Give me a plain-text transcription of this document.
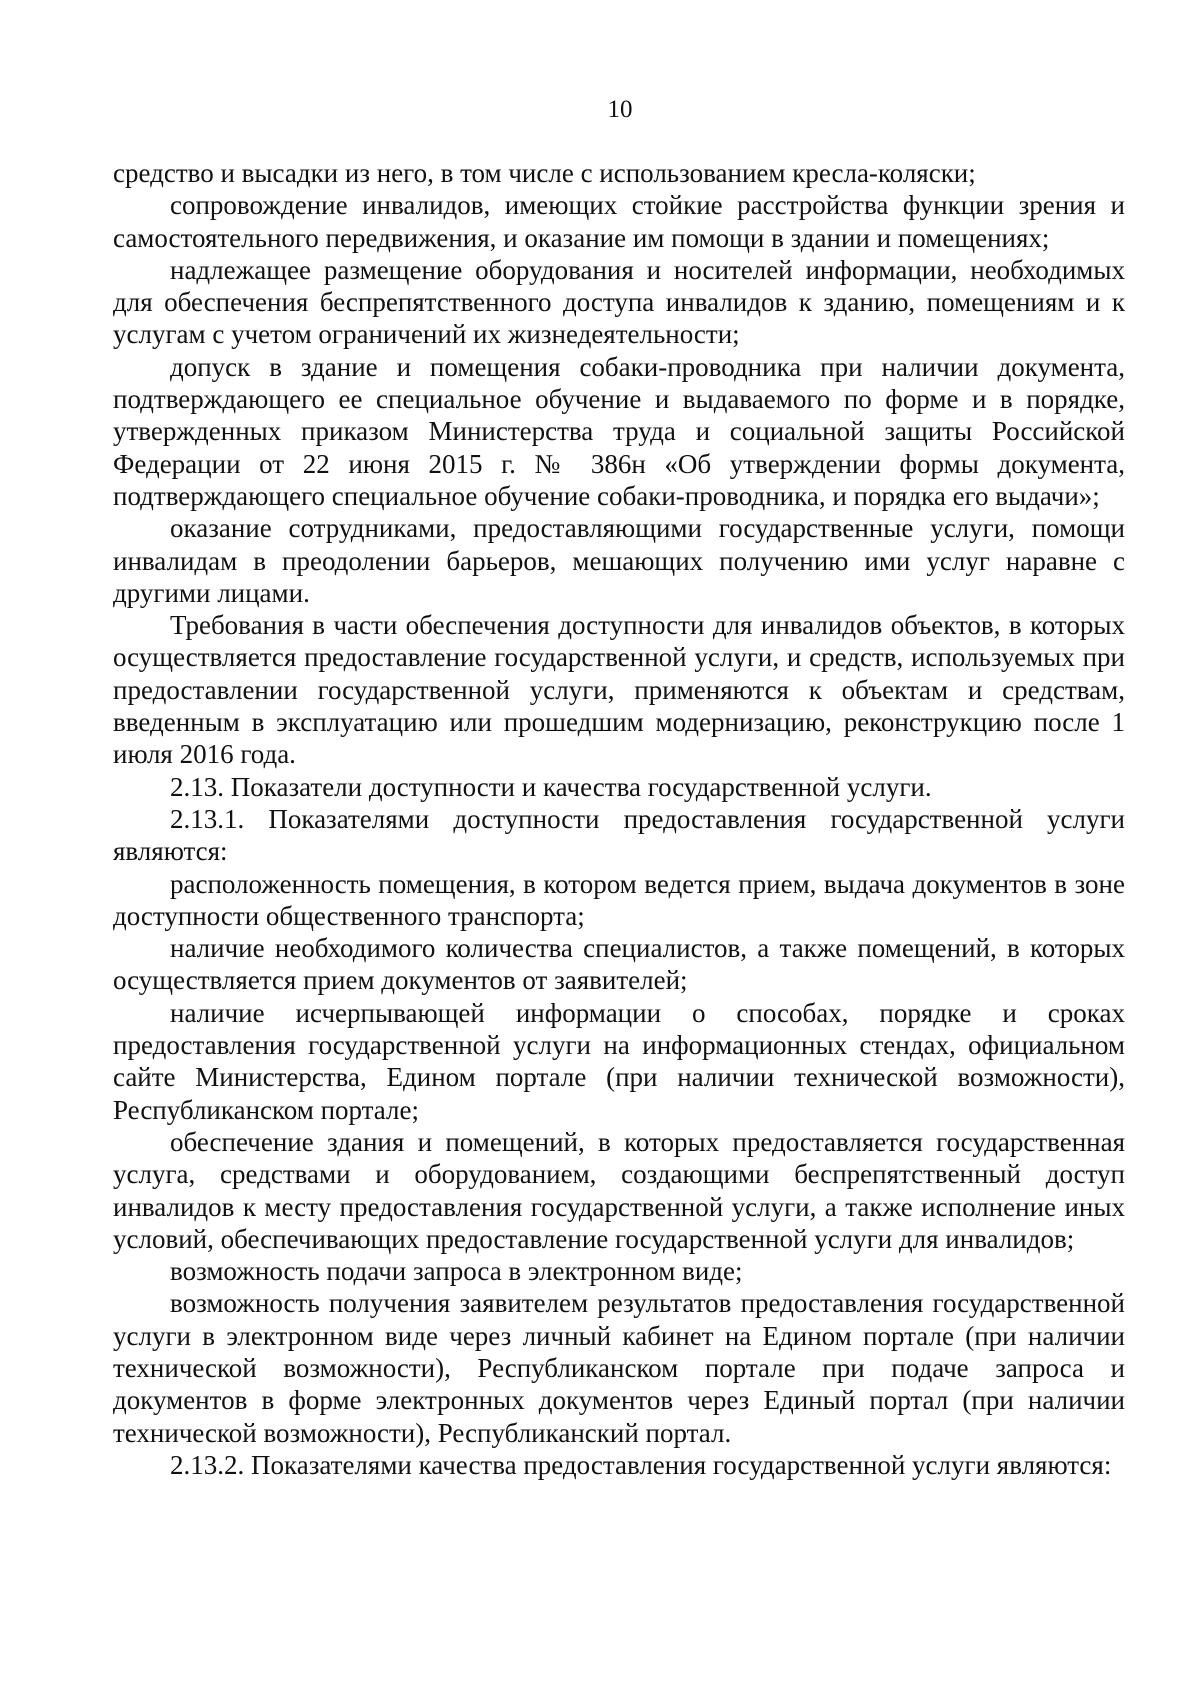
10

средство и высадки из него, в том числе с использованием кресла-коляски;

сопровождение инвалидов, имеющих стойкие расстройства функции зрения и самостоятельного передвижения, и оказание им помощи в здании и помещениях;

надлежащее размещение оборудования и носителей информации, необходимых для обеспечения беспрепятственного доступа инвалидов к зданию, помещениям и к услугам с учетом ограничений их жизнедеятельности;

допуск в здание и помещения собаки-проводника при наличии документа, подтверждающего ее специальное обучение и выдаваемого по форме и в порядке, утвержденных приказом Министерства труда и социальной защиты Российской Федерации от 22 июня 2015 г. № 386н «Об утверждении формы документа, подтверждающего специальное обучение собаки-проводника, и порядка его выдачи»;

оказание сотрудниками, предоставляющими государственные услуги, помощи инвалидам в преодолении барьеров, мешающих получению ими услуг наравне с другими лицами.

Требования в части обеспечения доступности для инвалидов объектов, в которых осуществляется предоставление государственной услуги, и средств, используемых при предоставлении государственной услуги, применяются к объектам и средствам, введенным в эксплуатацию или прошедшим модернизацию, реконструкцию после 1 июля 2016 года.

2.13. Показатели доступности и качества государственной услуги.

2.13.1. Показателями доступности предоставления государственной услуги являются:

расположенность помещения, в котором ведется прием, выдача документов в зоне доступности общественного транспорта;

наличие необходимого количества специалистов, а также помещений, в которых осуществляется прием документов от заявителей;

наличие исчерпывающей информации о способах, порядке и сроках предоставления государственной услуги на информационных стендах, официальном сайте Министерства, Едином портале (при наличии технической возможности), Республиканском портале;

обеспечение здания и помещений, в которых предоставляется государственная услуга, средствами и оборудованием, создающими беспрепятственный доступ инвалидов к месту предоставления государственной услуги, а также исполнение иных условий, обеспечивающих предоставление государственной услуги для инвалидов;

возможность подачи запроса в электронном виде;

возможность получения заявителем результатов предоставления государственной услуги в электронном виде через личный кабинет на Едином портале (при наличии технической возможности), Республиканском портале при подаче запроса и документов в форме электронных документов через Единый портал (при наличии технической возможности), Республиканский портал.

2.13.2. Показателями качества предоставления государственной услуги являются:
